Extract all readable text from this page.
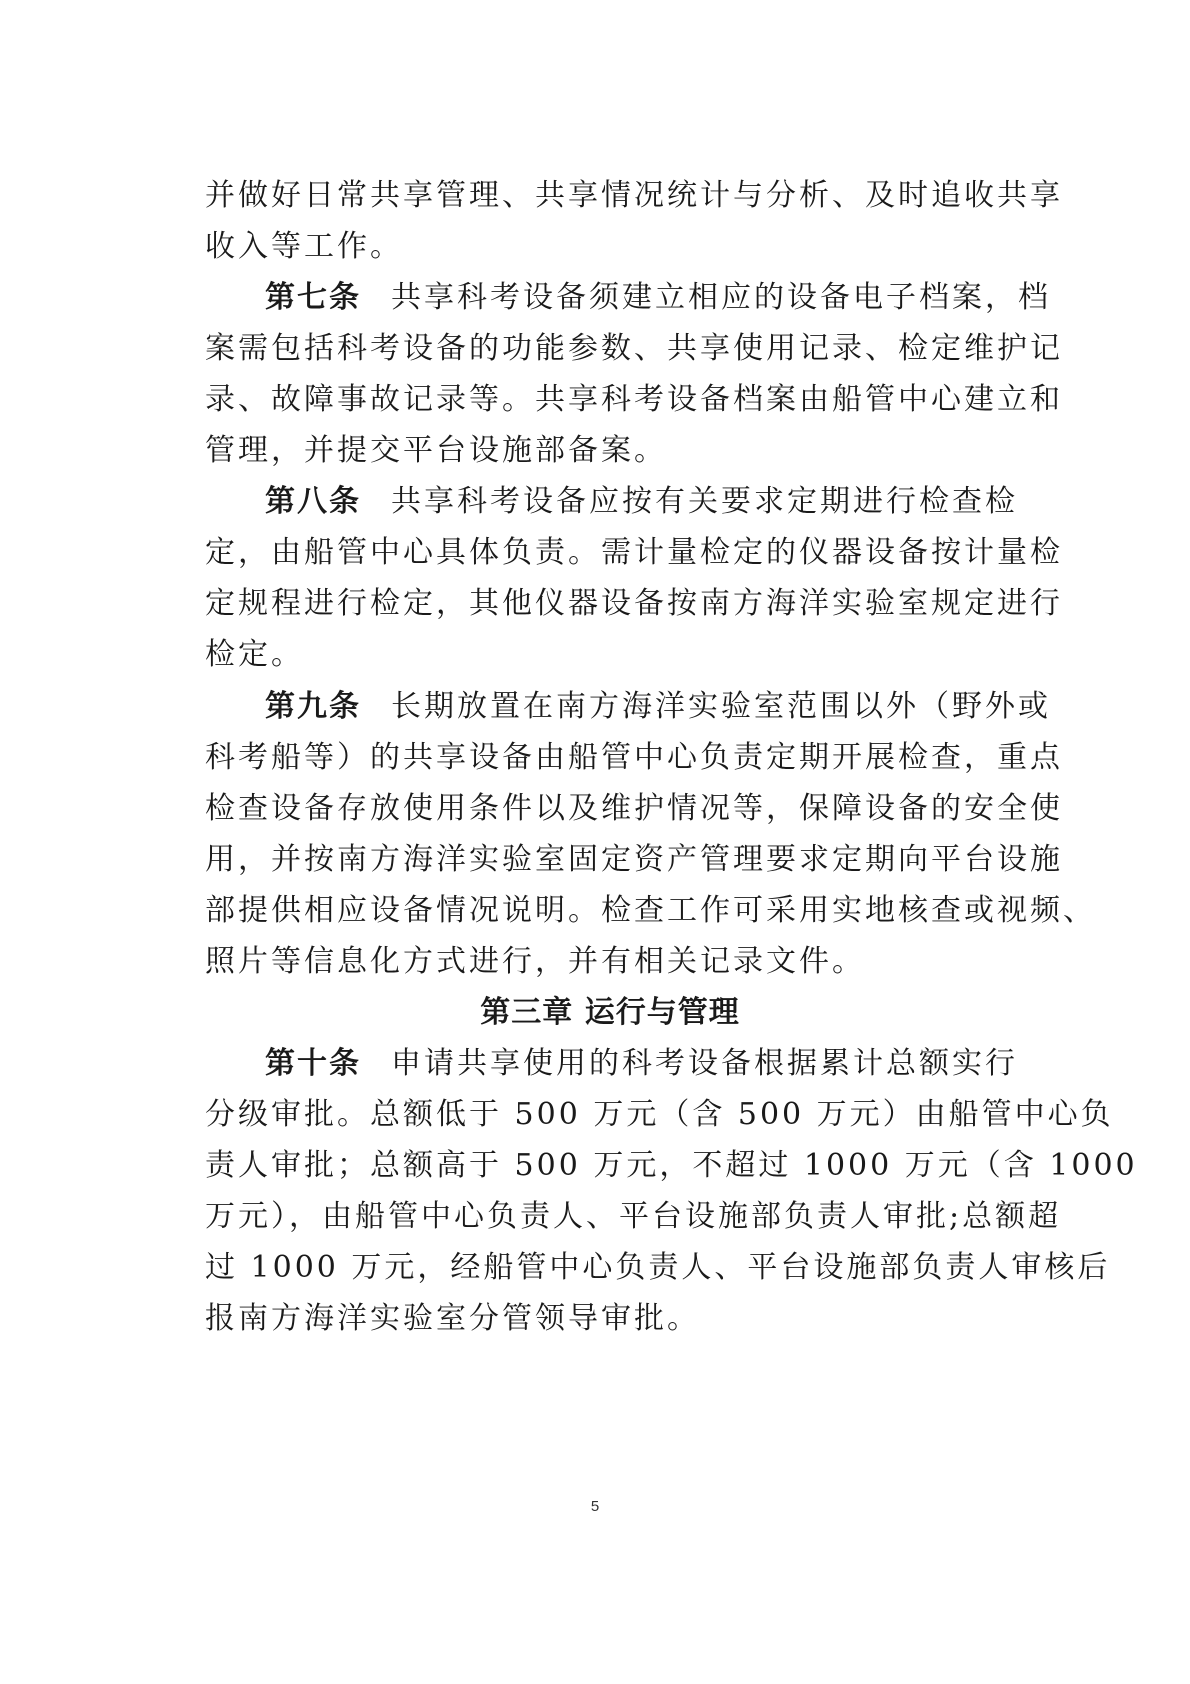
并做好日常共享管理、共享情况统计与分析、及时追收共享
收入等工作。
第七条 共享科考设备须建立相应的设备电子档案，档
案需包括科考设备的功能参数、共享使用记录、检定维护记
录、故障事故记录等。共享科考设备档案由船管中心建立和
管理，并提交平台设施部备案。
第八条 共享科考设备应按有关要求定期进行检查检
定，由船管中心具体负责。需计量检定的仪器设备按计量检
定规程进行检定，其他仪器设备按南方海洋实验室规定进行
检定。
第九条 长期放置在南方海洋实验室范围以外（野外或
科考船等）的共享设备由船管中心负责定期开展检查，重点
检查设备存放使用条件以及维护情况等，保障设备的安全使
用，并按南方海洋实验室固定资产管理要求定期向平台设施
部提供相应设备情况说明。检查工作可采用实地核查或视频、
照片等信息化方式进行，并有相关记录文件。
第三章 运行与管理
第十条 申请共享使用的科考设备根据累计总额实行
分级审批。总额低于 500 万元（含 500 万元）由船管中心负
责人审批；总额高于 500 万元，不超过 1000 万元（含 1000
万元），由船管中心负责人、平台设施部负责人审批;总额超
过 1000 万元，经船管中心负责人、平台设施部负责人审核后
报南方海洋实验室分管领导审批。
5
